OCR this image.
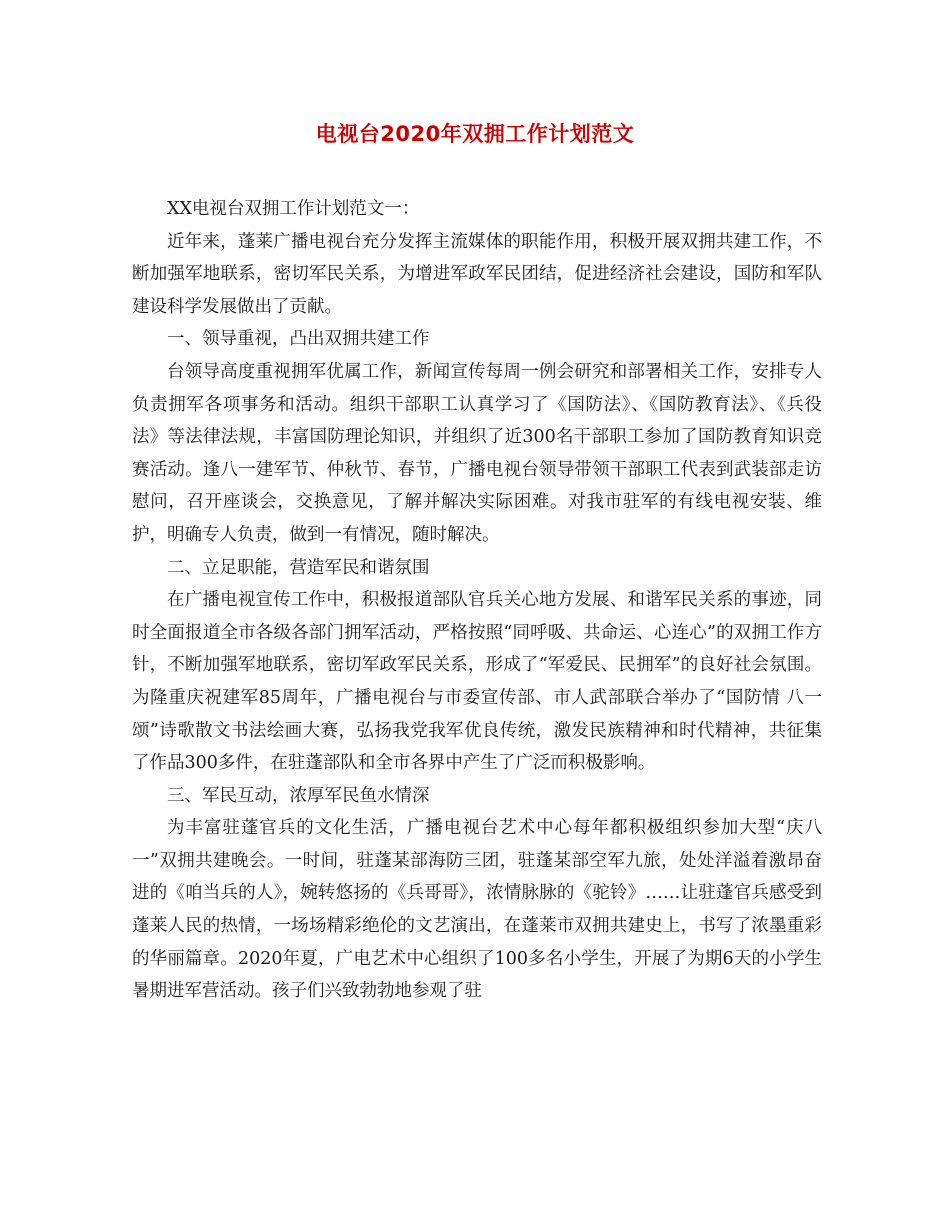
电视台2020年双拥工作计划范文

XX电视台双拥工作计划范文一：

近年来，蓬莱广播电视台充分发挥主流媒体的职能作用，积极开展双拥共建工作，不断加强军地联系，密切军民关系，为增进军政军民团结，促进经济社会建设，国防和军队建设科学发展做出了贡献。

一、领导重视，凸出双拥共建工作

台领导高度重视拥军优属工作，新闻宣传每周一例会研究和部署相关工作，安排专人负责拥军各项事务和活动。组织干部职工认真学习了《国防法》、《国防教育法》、《兵役法》等法律法规，丰富国防理论知识，并组织了近300名干部职工参加了国防教育知识竞赛活动。逢八一建军节、仲秋节、春节，广播电视台领导带领干部职工代表到武装部走访慰问，召开座谈会，交换意见，了解并解决实际困难。对我市驻军的有线电视安装、维护，明确专人负责，做到一有情况，随时解决。

二、立足职能，营造军民和谐氛围

在广播电视宣传工作中，积极报道部队官兵关心地方发展、和谐军民关系的事迹，同时全面报道全市各级各部门拥军活动，严格按照“同呼吸、共命运、心连心”的双拥工作方针，不断加强军地联系，密切军政军民关系，形成了“军爱民、民拥军”的良好社会氛围。为隆重庆祝建军85周年，广播电视台与市委宣传部、市人武部联合举办了“国防情 八一颂”诗歌散文书法绘画大赛，弘扬我党我军优良传统，激发民族精神和时代精神，共征集了作品300多件，在驻蓬部队和全市各界中产生了广泛而积极影响。

三、军民互动，浓厚军民鱼水情深

为丰富驻蓬官兵的文化生活，广播电视台艺术中心每年都积极组织参加大型“庆八一”双拥共建晚会。一时间，驻蓬某部海防三团，驻蓬某部空军九旅，处处洋溢着激昂奋进的《咱当兵的人》，婉转悠扬的《兵哥哥》，浓情脉脉的《驼铃》……让驻蓬官兵感受到蓬莱人民的热情，一场场精彩绝伦的文艺演出，在蓬莱市双拥共建史上，书写了浓墨重彩的华丽篇章。2020年夏，广电艺术中心组织了100多名小学生，开展了为期6天的小学生暑期进军营活动。孩子们兴致勃勃地参观了驻
